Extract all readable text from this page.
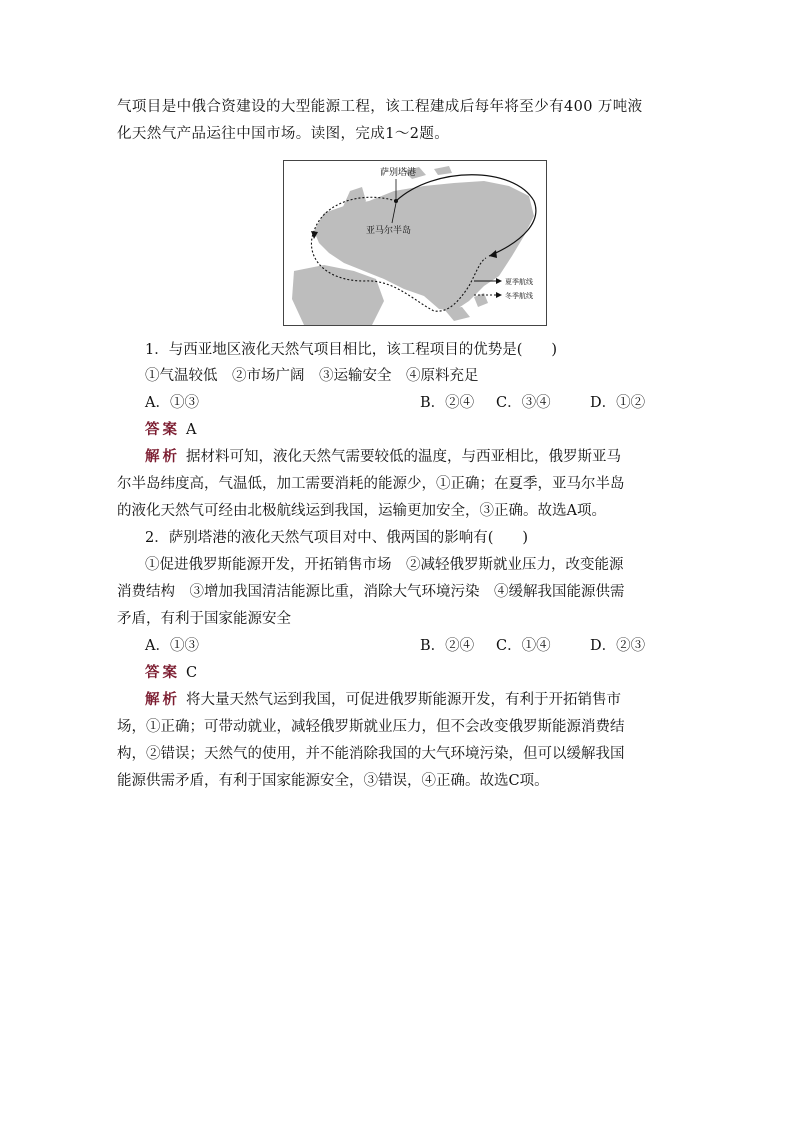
气项目是中俄合资建设的大型能源工程，该工程建成后每年将至少有400 万吨液
化天然气产品运往中国市场。读图，完成1～2题。
萨别塔港
亚马尔半岛
夏季航线
冬季航线
1．与西亚地区液化天然气项目相比，该工程项目的优势是(　　)
①气温较低　②市场广阔　③运输安全　④原料充足
A．①③	B．②④ C．③④	D．①②
答案 A
解析 据材料可知，液化天然气需要较低的温度，与西亚相比，俄罗斯亚马
尔半岛纬度高，气温低，加工需要消耗的能源少，①正确；在夏季，亚马尔半岛
的液化天然气可经由北极航线运到我国，运输更加安全，③正确。故选A项。
2．萨别塔港的液化天然气项目对中、俄两国的影响有(　　)
①促进俄罗斯能源开发，开拓销售市场　②减轻俄罗斯就业压力，改变能源
消费结构　③增加我国清洁能源比重，消除大气环境污染　④缓解我国能源供需
矛盾，有利于国家能源安全
A．①③	B．②④ C．①④	D．②③
答案 C
解析 将大量天然气运到我国，可促进俄罗斯能源开发，有利于开拓销售市
场，①正确；可带动就业，减轻俄罗斯就业压力，但不会改变俄罗斯能源消费结
构，②错误；天然气的使用，并不能消除我国的大气环境污染，但可以缓解我国
能源供需矛盾，有利于国家能源安全，③错误，④正确。故选C项。
